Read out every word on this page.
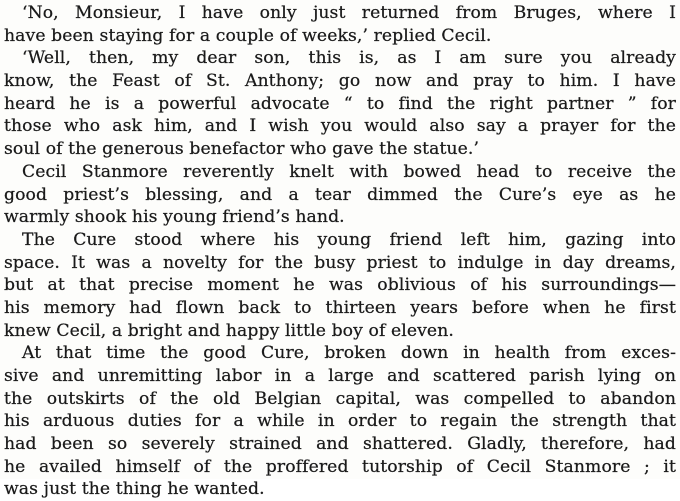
‘No, Monsieur, I have only just returned from Bruges, where I
have been staying for a couple of weeks,’ replied Cecil.
‘Well, then, my dear son, this is, as I am sure you already
know, the Feast of St. Anthony; go now and pray to him. I have
heard he is a powerful advocate “ to find the right partner ” for
those who ask him, and I wish you would also say a prayer for the
soul of the generous benefactor who gave the statue.’
Cecil Stanmore reverently knelt with bowed head to receive the
good priest’s blessing, and a tear dimmed the Cure’s eye as he
warmly shook his young friend’s hand.
The Cure stood where his young friend left him, gazing into
space. It was a novelty for the busy priest to indulge in day dreams,
but at that precise moment he was oblivious of his surroundings—
his memory had flown back to thirteen years before when he first
knew Cecil, a bright and happy little boy of eleven.
At that time the good Cure, broken down in health from exces-
sive and unremitting labor in a large and scattered parish lying on
the outskirts of the old Belgian capital, was compelled to abandon
his arduous duties for a while in order to regain the strength that
had been so severely strained and shattered. Gladly, therefore, had
he availed himself of the proffered tutorship of Cecil Stanmore ; it
was just the thing he wanted.
